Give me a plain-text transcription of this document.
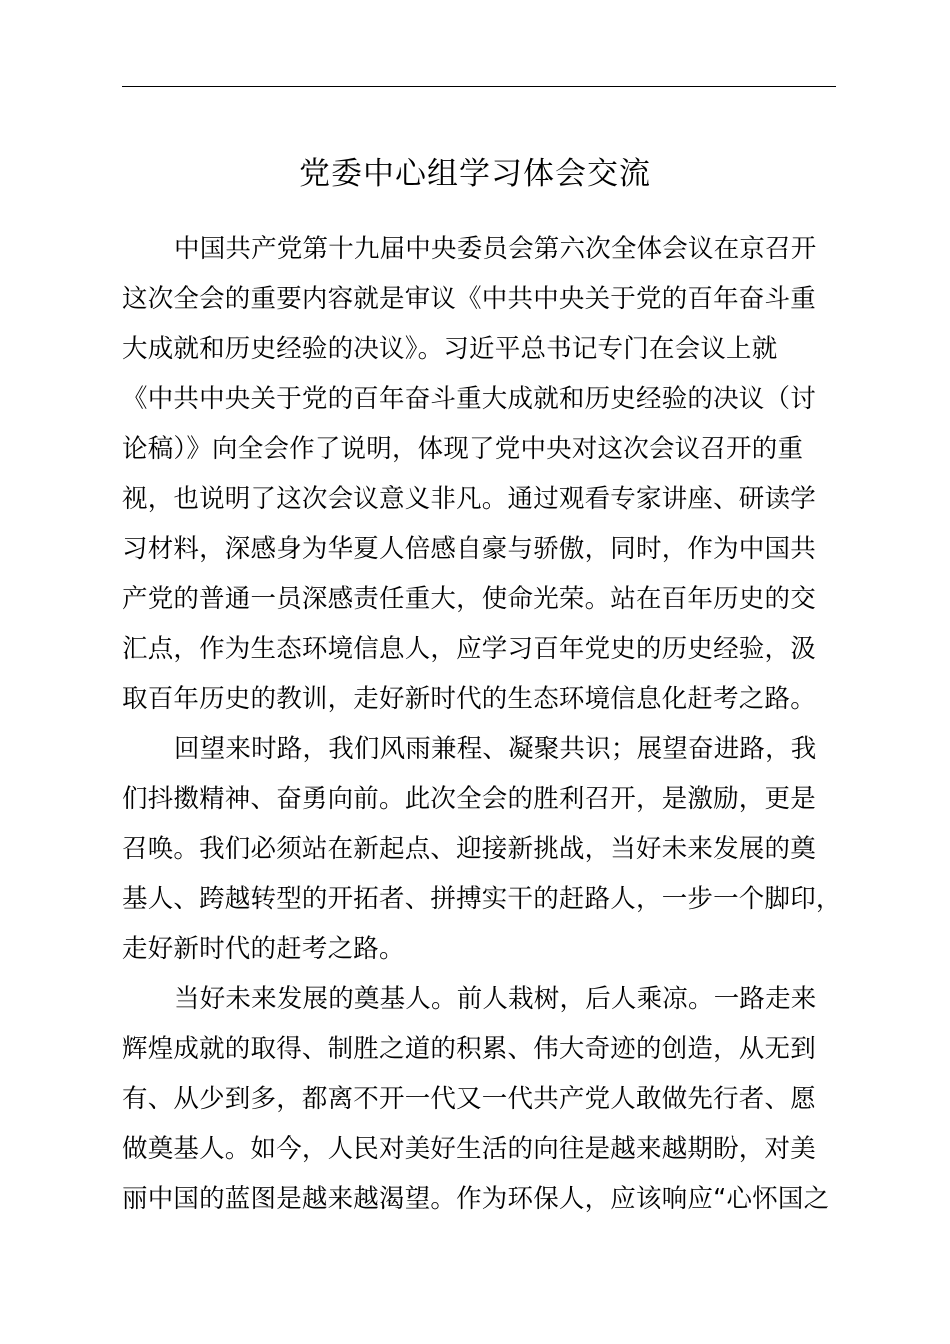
党委中心组学习体会交流
中国共产党第十九届中央委员会第六次全体会议在京召开
这次全会的重要内容就是审议《中共中央关于党的百年奋斗重
大成就和历史经验的决议》。习近平总书记专门在会议上就
《中共中央关于党的百年奋斗重大成就和历史经验的决议（讨
论稿）》向全会作了说明，体现了党中央对这次会议召开的重
视，也说明了这次会议意义非凡。通过观看专家讲座、研读学
习材料，深感身为华夏人倍感自豪与骄傲，同时，作为中国共
产党的普通一员深感责任重大，使命光荣。站在百年历史的交
汇点，作为生态环境信息人，应学习百年党史的历史经验，汲
取百年历史的教训，走好新时代的生态环境信息化赶考之路。
回望来时路，我们风雨兼程、凝聚共识；展望奋进路，我
们抖擞精神、奋勇向前。此次全会的胜利召开，是激励，更是
召唤。我们必须站在新起点、迎接新挑战，当好未来发展的奠
基人、跨越转型的开拓者、拼搏实干的赶路人，一步一个脚印，
走好新时代的赶考之路。
当好未来发展的奠基人。前人栽树，后人乘凉。一路走来
辉煌成就的取得、制胜之道的积累、伟大奇迹的创造，从无到
有、从少到多，都离不开一代又一代共产党人敢做先行者、愿
做奠基人。如今，人民对美好生活的向往是越来越期盼，对美
丽中国的蓝图是越来越渴望。作为环保人，应该响应“心怀国之
